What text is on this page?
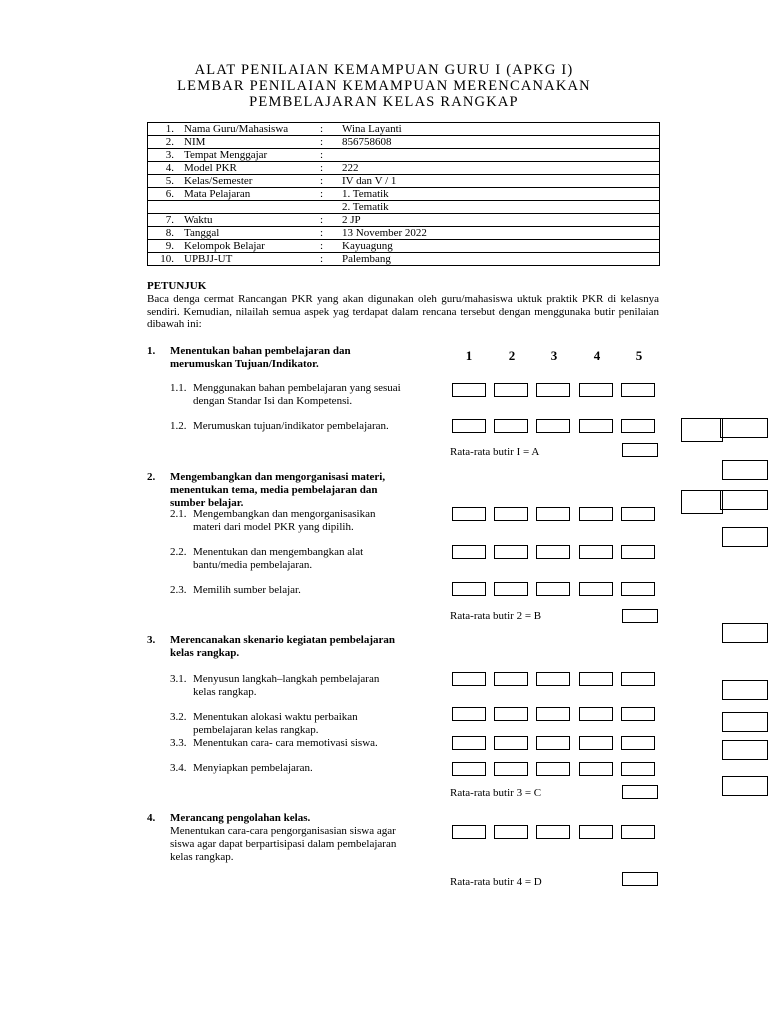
ALAT PENILAIAN KEMAMPUAN GURU I (APKG I)
LEMBAR PENILAIAN KEMAMPUAN MERENCANAKAN
PEMBELAJARAN KELAS RANGKAP
1.	Nama Guru/Mahasiswa	:	Wina Layanti
2.	NIM	:	856758608
3.	Tempat Menggajar	:	
4.	Model PKR	:	222
5.	Kelas/Semester	:	IV dan V / 1
6.	Mata Pelajaran	:	1. Tematik
			2. Tematik
7.	Waktu	:	2 JP
8.	Tanggal	:	13 November 2022
9.	Kelompok Belajar	:	Kayuagung
10.	UPBJJ-UT	:	Palembang
PETUNJUK
Baca denga cermat Rancangan PKR yang akan digunakan oleh guru/mahasiswa uktuk praktik PKR di kelasnya sendiri. Kemudian, nilailah semua aspek yag terdapat dalam rencana tersebut dengan menggunaka butir penilaian dibawah ini:
1	2	3	4	5
1. Menentukan bahan pembelajaran dan
merumuskan Tujuan/Indikator.
1.1. Menggunakan bahan pembelajaran yang sesuai
dengan Standar Isi dan Kompetensi.
1.2. Merumuskan tujuan/indikator pembelajaran.
Rata-rata butir I = A
2. Mengembangkan dan mengorganisasi materi,
menentukan tema, media pembelajaran dan
sumber belajar.
2.1. Mengembangkan dan mengorganisasikan
materi dari model PKR yang dipilih.
2.2. Menentukan dan mengembangkan alat
bantu/media pembelajaran.
2.3. Memilih sumber belajar.
Rata-rata butir 2 = B
3. Merencanakan skenario kegiatan pembelajaran
kelas rangkap.
3.1. Menyusun langkah–langkah pembelajaran
kelas rangkap.
3.2. Menentukan alokasi waktu perbaikan
pembelajaran kelas rangkap.
3.3. Menentukan cara- cara memotivasi siswa.
3.4. Menyiapkan pembelajaran.
Rata-rata butir 3 = C
4. Merancang pengolahan kelas.
Menentukan cara-cara pengorganisasian siswa agar
siswa agar dapat berpartisipasi dalam pembelajaran
kelas rangkap.
Rata-rata butir 4 = D
